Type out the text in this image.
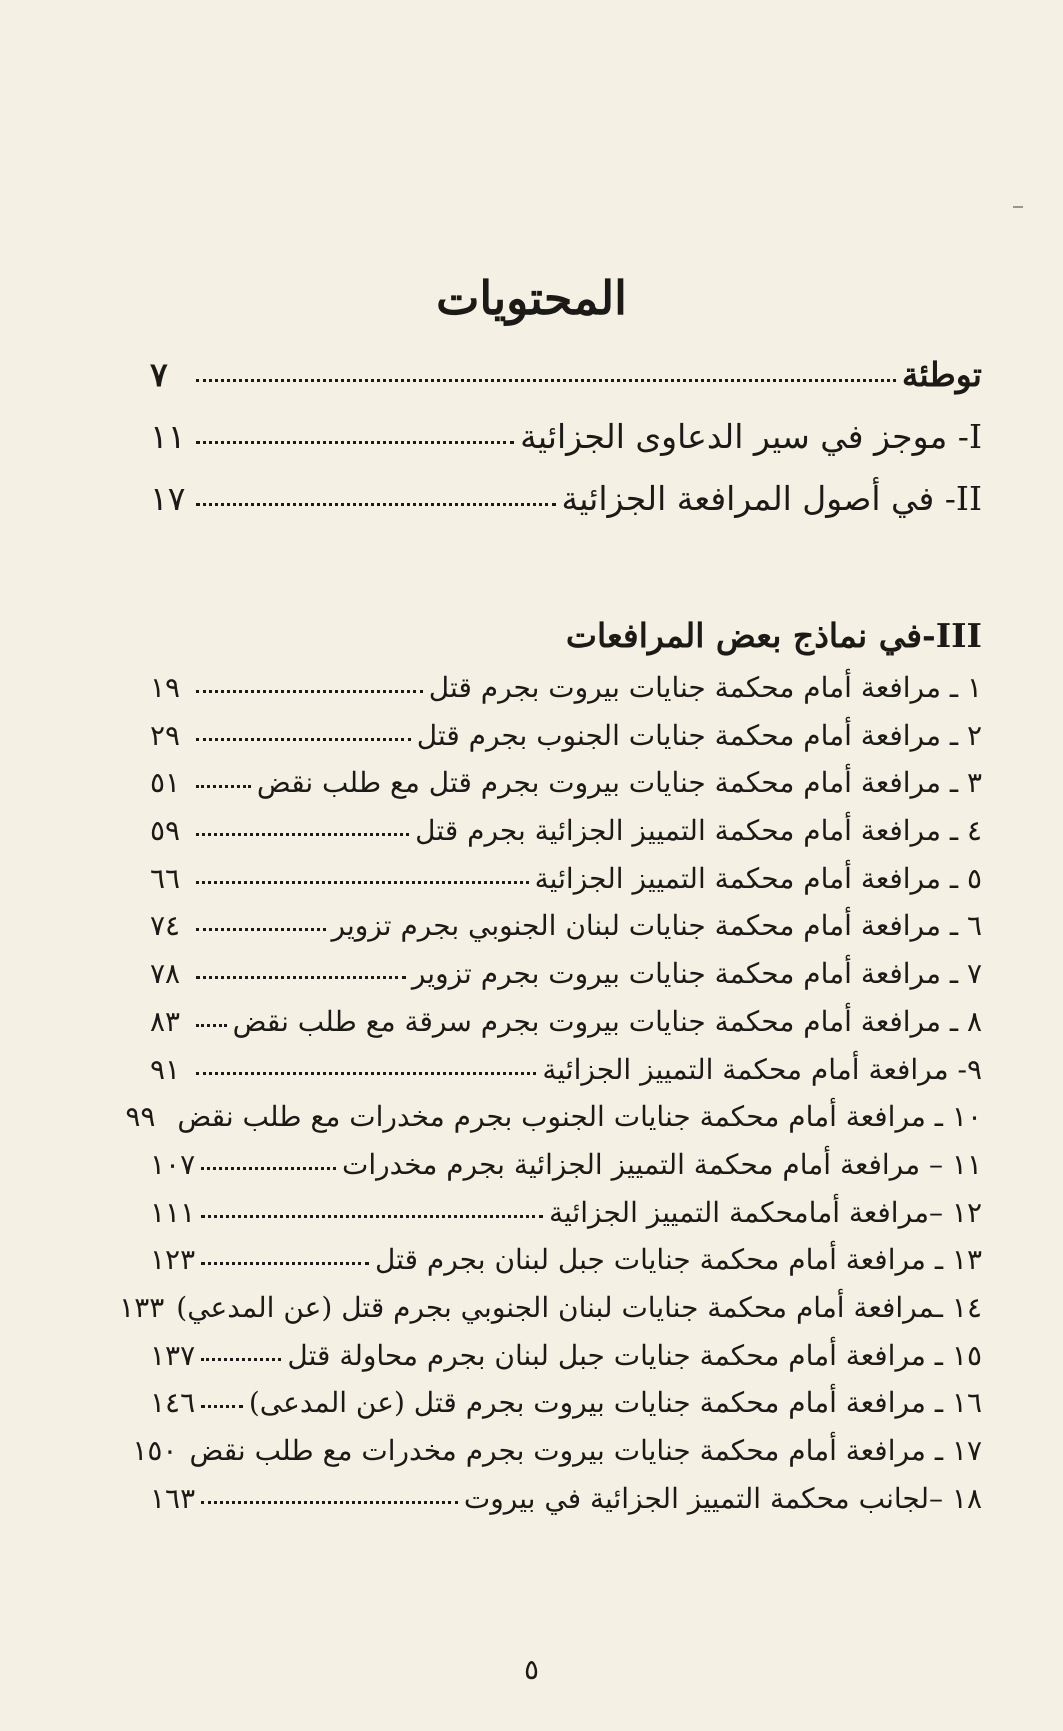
المحتويات
توطئة
٧
I- موجز في سير الدعاوى الجزائية
١١
II- في أصول المرافعة الجزائية
١٧
III-في نماذج بعض المرافعات
١ ـ مرافعة أمام محكمة جنايات بيروت بجرم قتل
١٩
٢ ـ مرافعة أمام محكمة جنايات الجنوب بجرم قتل
٢٩
٣ ـ مرافعة أمام محكمة جنايات بيروت بجرم قتل مع طلب نقض
٥١
٤ ـ مرافعة أمام محكمة التمييز الجزائية بجرم قتل
٥٩
٥ ـ مرافعة أمام محكمة التمييز الجزائية
٦٦
٦ ـ مرافعة أمام محكمة جنايات لبنان الجنوبي بجرم تزوير
٧٤
٧ ـ مرافعة أمام محكمة جنايات بيروت بجرم تزوير
٧٨
٨ ـ مرافعة أمام محكمة جنايات بيروت بجرم سرقة مع طلب نقض
٨٣
٩- مرافعة أمام محكمة التمييز الجزائية
٩١
١٠ ـ مرافعة أمام محكمة جنايات الجنوب بجرم مخدرات مع طلب نقض
٩٩
١١ – مرافعة أمام محكمة التمييز الجزائية بجرم مخدرات
١٠٧
١٢ –مرافعة أمامحكمة التمييز الجزائية
١١١
١٣ ـ مرافعة أمام محكمة جنايات جبل لبنان بجرم قتل
١٢٣
١٤ ـمرافعة أمام محكمة جنايات لبنان الجنوبي بجرم قتل (عن المدعي)
١٣٣
١٥ ـ مرافعة أمام محكمة جنايات جبل لبنان بجرم محاولة قتل
١٣٧
١٦ ـ مرافعة أمام محكمة جنايات بيروت بجرم قتل (عن المدعى)
١٤٦
١٧ ـ مرافعة أمام محكمة جنايات بيروت بجرم مخدرات مع طلب نقض
١٥٠
١٨ –لجانب محكمة التمييز الجزائية في بيروت
١٦٣
٥
